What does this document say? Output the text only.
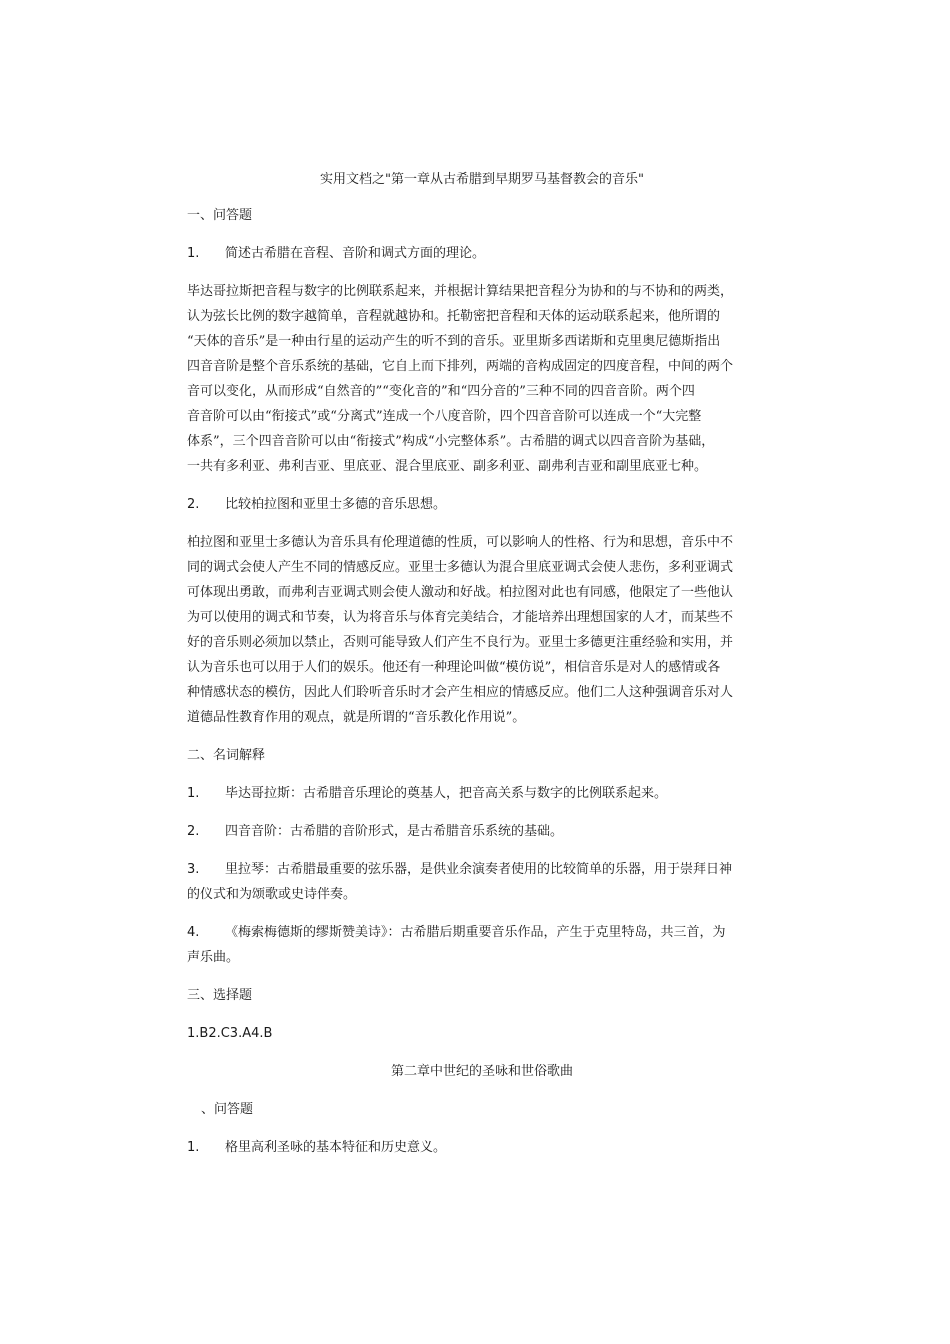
实用文档之"第一章从古希腊到早期罗马基督教会的音乐"

一、问答题

1. 简述古希腊在音程、音阶和调式方面的理论。

毕达哥拉斯把音程与数字的比例联系起来，并根据计算结果把音程分为协和的与不协和的两类，

认为弦长比例的数字越简单，音程就越协和。托勒密把音程和天体的运动联系起来，他所谓的

“天体的音乐”是一种由行星的运动产生的听不到的音乐。亚里斯多西诺斯和克里奥尼德斯指出

四音音阶是整个音乐系统的基础，它自上而下排列，两端的音构成固定的四度音程，中间的两个

音可以变化，从而形成“自然音的”“变化音的”和“四分音的”三种不同的四音音阶。两个四

音音阶可以由“衔接式”或“分离式”连成一个八度音阶，四个四音音阶可以连成一个“大完整

体系”，三个四音音阶可以由“衔接式”构成“小完整体系”。古希腊的调式以四音音阶为基础，

一共有多利亚、弗利吉亚、里底亚、混合里底亚、副多利亚、副弗利吉亚和副里底亚七种。

2. 比较柏拉图和亚里士多德的音乐思想。

柏拉图和亚里士多德认为音乐具有伦理道德的性质，可以影响人的性格、行为和思想，音乐中不

同的调式会使人产生不同的情感反应。亚里士多德认为混合里底亚调式会使人悲伤，多利亚调式

可体现出勇敢，而弗利吉亚调式则会使人激动和好战。柏拉图对此也有同感，他限定了一些他认

为可以使用的调式和节奏，认为将音乐与体育完美结合，才能培养出理想国家的人才，而某些不

好的音乐则必须加以禁止，否则可能导致人们产生不良行为。亚里士多德更注重经验和实用，并

认为音乐也可以用于人们的娱乐。他还有一种理论叫做“模仿说”，相信音乐是对人的感情或各

种情感状态的模仿，因此人们聆听音乐时才会产生相应的情感反应。他们二人这种强调音乐对人

道德品性教育作用的观点，就是所谓的“音乐教化作用说”。

二、名词解释

1. 毕达哥拉斯：古希腊音乐理论的奠基人，把音高关系与数字的比例联系起来。

2. 四音音阶：古希腊的音阶形式，是古希腊音乐系统的基础。

3. 里拉琴：古希腊最重要的弦乐器，是供业余演奏者使用的比较简单的乐器，用于崇拜日神

的仪式和为颂歌或史诗伴奏。

4. 《梅索梅德斯的缪斯赞美诗》：古希腊后期重要音乐作品，产生于克里特岛，共三首，为

声乐曲。

三、选择题

1.B2.C3.A4.B

第二章中世纪的圣咏和世俗歌曲

、问答题

1. 格里高利圣咏的基本特征和历史意义。
